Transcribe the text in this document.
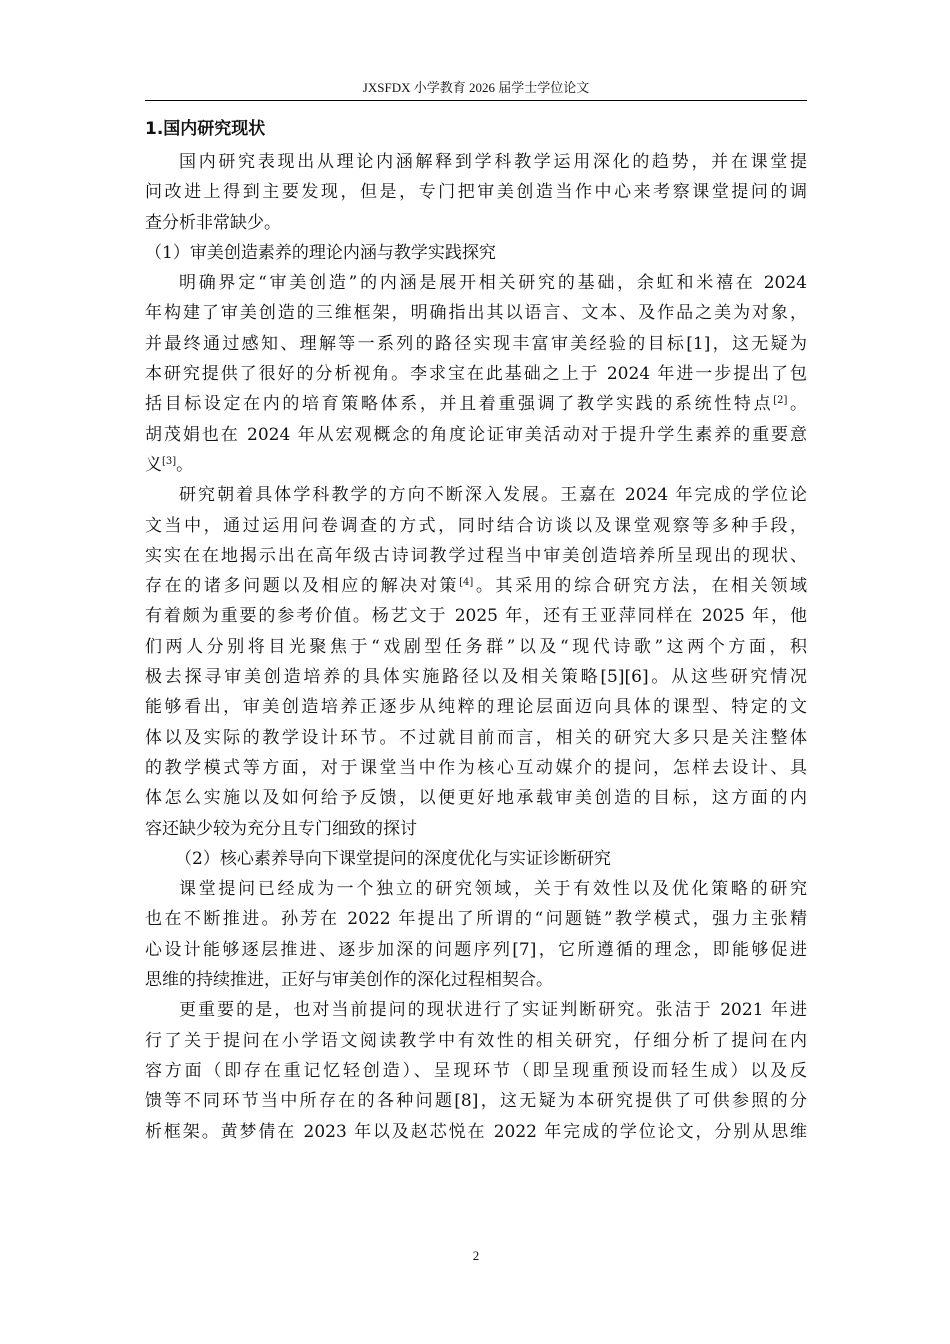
JXSFDX 小学教育 2026 届学士学位论文
1.国内研究现状
国内研究表现出从理论内涵解释到学科教学运用深化的趋势，并在课堂提
问改进上得到主要发现，但是，专门把审美创造当作中心来考察课堂提问的调
查分析非常缺少。
（1）审美创造素养的理论内涵与教学实践探究
明确界定“审美创造”的内涵是展开相关研究的基础，余虹和米禧在 2024
年构建了审美创造的三维框架，明确指出其以语言、文本、及作品之美为对象，
并最终通过感知、理解等一系列的路径实现丰富审美经验的目标[1]，这无疑为
本研究提供了很好的分析视角。李求宝在此基础之上于 2024 年进一步提出了包
括目标设定在内的培育策略体系，并且着重强调了教学实践的系统性特点[2]。
胡茂娟也在 2024 年从宏观概念的角度论证审美活动对于提升学生素养的重要意
义[3]。
研究朝着具体学科教学的方向不断深入发展。王嘉在 2024 年完成的学位论
文当中，通过运用问卷调查的方式，同时结合访谈以及课堂观察等多种手段，
实实在在地揭示出在高年级古诗词教学过程当中审美创造培养所呈现出的现状、
存在的诸多问题以及相应的解决对策[4]。其采用的综合研究方法，在相关领域
有着颇为重要的参考价值。杨艺文于 2025 年，还有王亚萍同样在 2025 年，他
们两人分别将目光聚焦于“戏剧型任务群”以及“现代诗歌”这两个方面，积
极去探寻审美创造培养的具体实施路径以及相关策略[5][6]。从这些研究情况
能够看出，审美创造培养正逐步从纯粹的理论层面迈向具体的课型、特定的文
体以及实际的教学设计环节。不过就目前而言，相关的研究大多只是关注整体
的教学模式等方面，对于课堂当中作为核心互动媒介的提问，怎样去设计、具
体怎么实施以及如何给予反馈，以便更好地承载审美创造的目标，这方面的内
容还缺少较为充分且专门细致的探讨
（2）核心素养导向下课堂提问的深度优化与实证诊断研究
课堂提问已经成为一个独立的研究领域，关于有效性以及优化策略的研究
也在不断推进。孙芳在 2022 年提出了所谓的“问题链”教学模式，强力主张精
心设计能够逐层推进、逐步加深的问题序列[7]，它所遵循的理念，即能够促进
思维的持续推进，正好与审美创作的深化过程相契合。
更重要的是，也对当前提问的现状进行了实证判断研究。张洁于 2021 年进
行了关于提问在小学语文阅读教学中有效性的相关研究，仔细分析了提问在内
容方面（即存在重记忆轻创造）、呈现环节（即呈现重预设而轻生成）以及反
馈等不同环节当中所存在的各种问题[8]，这无疑为本研究提供了可供参照的分
析框架。黄梦倩在 2023 年以及赵芯悦在 2022 年完成的学位论文，分别从思维
2
